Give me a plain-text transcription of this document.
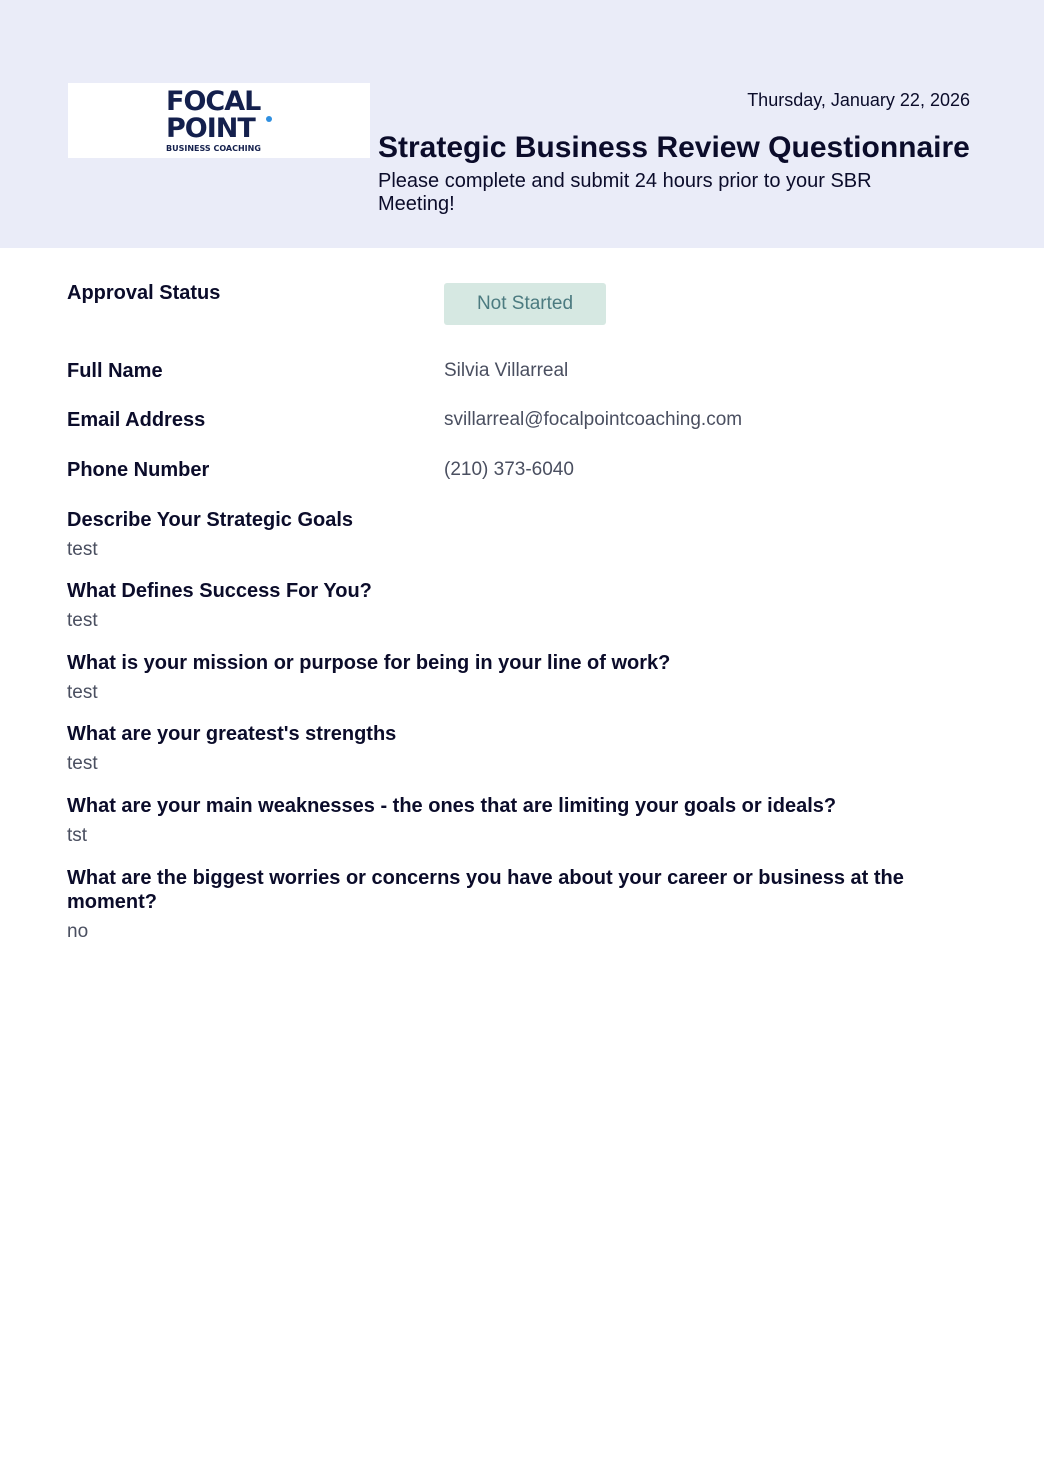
FOCAL
POINT
BUSINESS COACHING
Thursday, January 22, 2026
Strategic Business Review Questionnaire
Please complete and submit 24 hours prior to your SBR Meeting!
Approval Status	Not Started
Full Name	Silvia Villarreal
Email Address	svillarreal@focalpointcoaching.com
Phone Number	(210) 373-6040
Describe Your Strategic Goals
test
What Defines Success For You?
test
What is your mission or purpose for being in your line of work?
test
What are your greatest's strengths
test
What are your main weaknesses - the ones that are limiting your goals or ideals?
tst
What are the biggest worries or concerns you have about your career or business at the moment?
no
